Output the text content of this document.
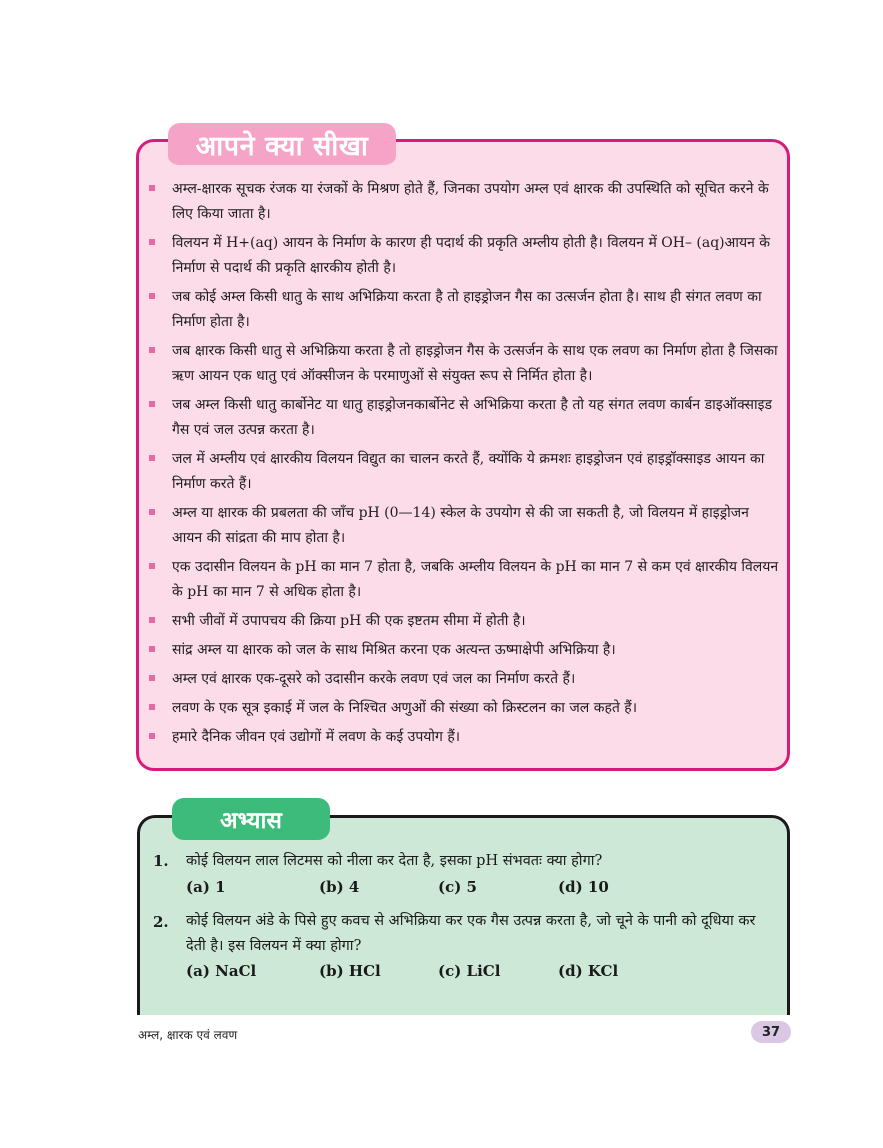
आपने क्या सीखा
अम्ल-क्षारक सूचक रंजक या रंजकों के मिश्रण होते हैं, जिनका उपयोग अम्ल एवं क्षारक की उपस्थिति को सूचित करने के लिए किया जाता है।
विलयन में H+(aq) आयन के निर्माण के कारण ही पदार्थ की प्रकृति अम्लीय होती है। विलयन में OH– (aq)आयन के निर्माण से पदार्थ की प्रकृति क्षारकीय होती है।
जब कोई अम्ल किसी धातु के साथ अभिक्रिया करता है तो हाइड्रोजन गैस का उत्सर्जन होता है। साथ ही संगत लवण का निर्माण होता है।
जब क्षारक किसी धातु से अभिक्रिया करता है तो हाइड्रोजन गैस के उत्सर्जन के साथ एक लवण का निर्माण होता है जिसका ऋण आयन एक धातु एवं ऑक्सीजन के परमाणुओं से संयुक्त रूप से निर्मित होता है।
जब अम्ल किसी धातु कार्बोनेट या धातु हाइड्रोजनकार्बोनेट से अभिक्रिया करता है तो यह संगत लवण कार्बन डाइऑक्साइड गैस एवं जल उत्पन्न करता है।
जल में अम्लीय एवं क्षारकीय विलयन विद्युत का चालन करते हैं, क्योंकि ये क्रमशः हाइड्रोजन एवं हाइड्रॉक्साइड आयन का निर्माण करते हैं।
अम्ल या क्षारक की प्रबलता की जाँच pH (0—14) स्केल के उपयोग से की जा सकती है, जो विलयन में हाइड्रोजन आयन की सांद्रता की माप होता है।
एक उदासीन विलयन के pH का मान 7 होता है, जबकि अम्लीय विलयन के pH का मान 7 से कम एवं क्षारकीय विलयन के pH का मान 7 से अधिक होता है।
सभी जीवों में उपापचय की क्रिया pH की एक इष्टतम सीमा में होती है।
सांद्र अम्ल या क्षारक को जल के साथ मिश्रित करना एक अत्यन्त ऊष्माक्षेपी अभिक्रिया है।
अम्ल एवं क्षारक एक-दूसरे को उदासीन करके लवण एवं जल का निर्माण करते हैं।
लवण के एक सूत्र इकाई में जल के निश्चित अणुओं की संख्या को क्रिस्टलन का जल कहते हैं।
हमारे दैनिक जीवन एवं उद्योगों में लवण के कई उपयोग हैं।
अभ्यास
1. कोई विलयन लाल लिटमस को नीला कर देता है, इसका pH संभवतः क्या होगा?
(a) 1	(b) 4	(c) 5	(d) 10
2. कोई विलयन अंडे के पिसे हुए कवच से अभिक्रिया कर एक गैस उत्पन्न करता है, जो चूने के पानी को दूधिया कर देती है। इस विलयन में क्या होगा?
(a) NaCl	(b) HCl	(c) LiCl	(d) KCl
अम्ल, क्षारक एवं लवण	37
